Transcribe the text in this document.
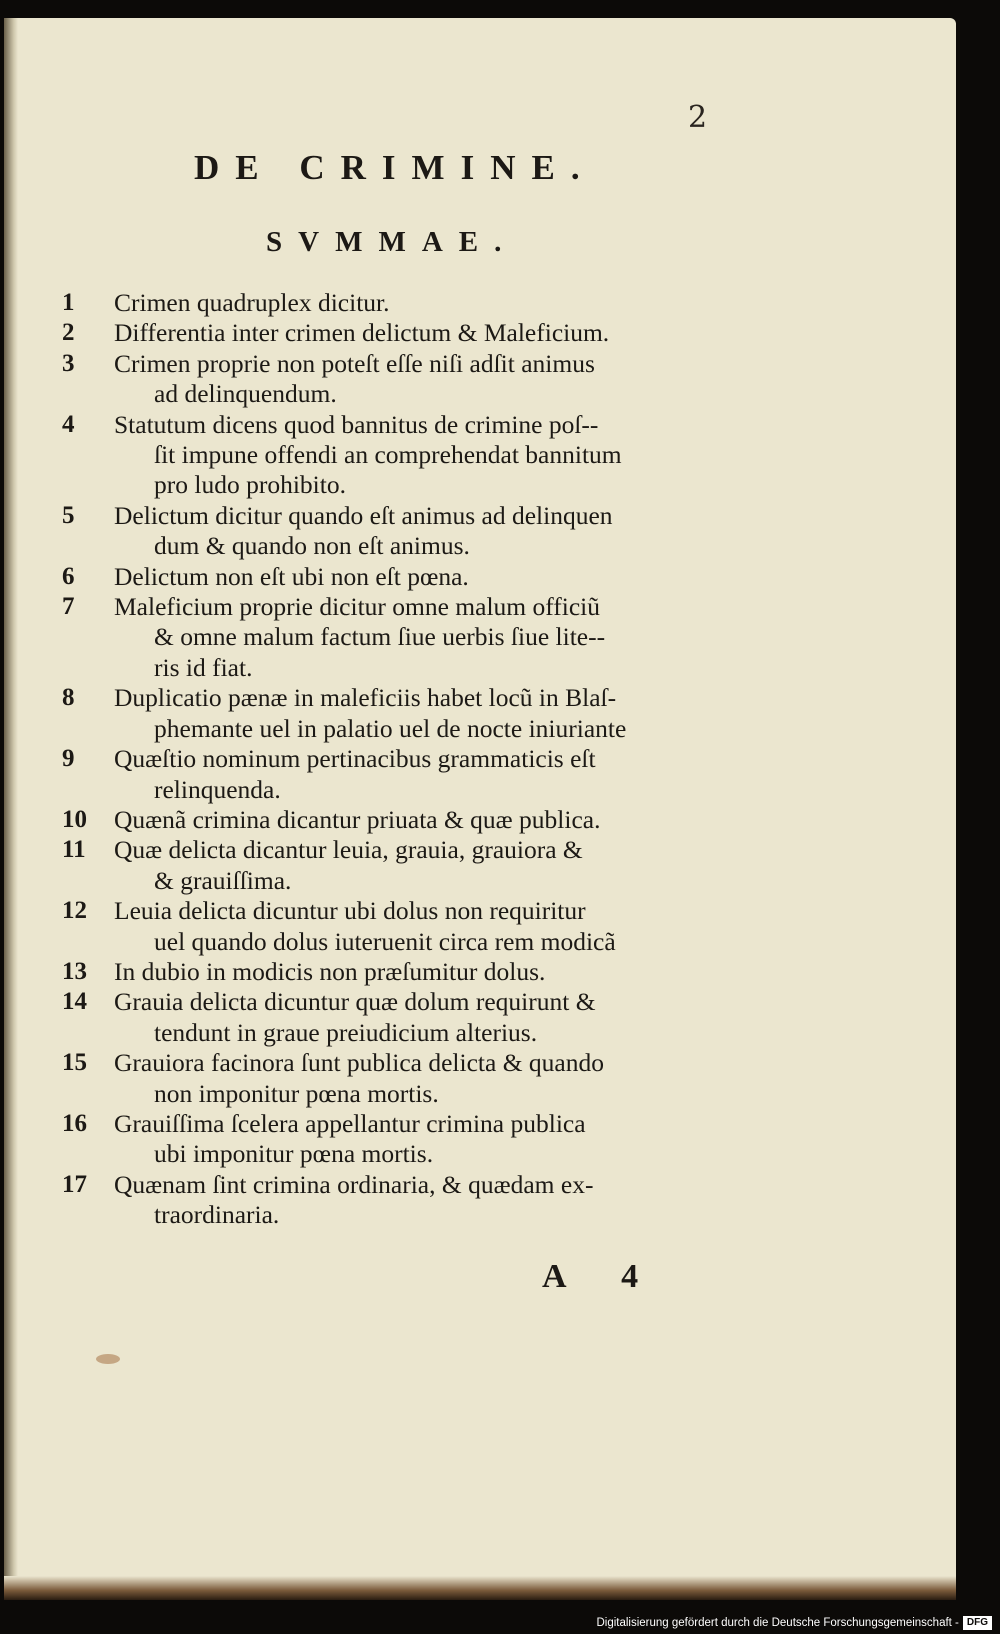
2
DE CRIMINE.
SVMMAE.
1	Crimen quadruplex dicitur.
2	Differentia inter crimen delictum & Maleficium.
3	Crimen proprie non poteſt eſſe niſi adſit animus
ad delinquendum.
4	Statutum dicens quod bannitus de crimine poſ--
ſit impune offendi an comprehendat bannitum
pro ludo prohibito.
5	Delictum dicitur quando eſt animus ad delinquen
dum & quando non eſt animus.
6	Delictum non eſt ubi non eſt pœna.
7	Maleficium proprie dicitur omne malum officiũ
& omne malum factum ſiue uerbis ſiue lite--
ris id fiat.
8	Duplicatio pænæ in maleficiis habet locũ in Blaſ-
phemante uel in palatio uel de nocte iniuriante
9	Quæſtio nominum pertinacibus grammaticis eſt
relinquenda.
10	Quænã crimina dicantur priuata & quæ publica.
11	Quæ delicta dicantur leuia, grauia, grauiora &
& grauiſſima.
12	Leuia delicta dicuntur ubi dolus non requiritur
uel quando dolus iuteruenit circa rem modicã
13	In dubio in modicis non præſumitur dolus.
14	Grauia delicta dicuntur quæ dolum requirunt &
tendunt in graue preiudicium alterius.
15	Grauiora facinora ſunt publica delicta & quando
non imponitur pœna mortis.
16	Grauiſſima ſcelera appellantur crimina publica
ubi imponitur pœna mortis.
17	Quænam ſint crimina ordinaria, & quædam ex-
traordinaria.
A 4
Digitalisierung gefördert durch die Deutsche Forschungsgemeinschaft - DFG
